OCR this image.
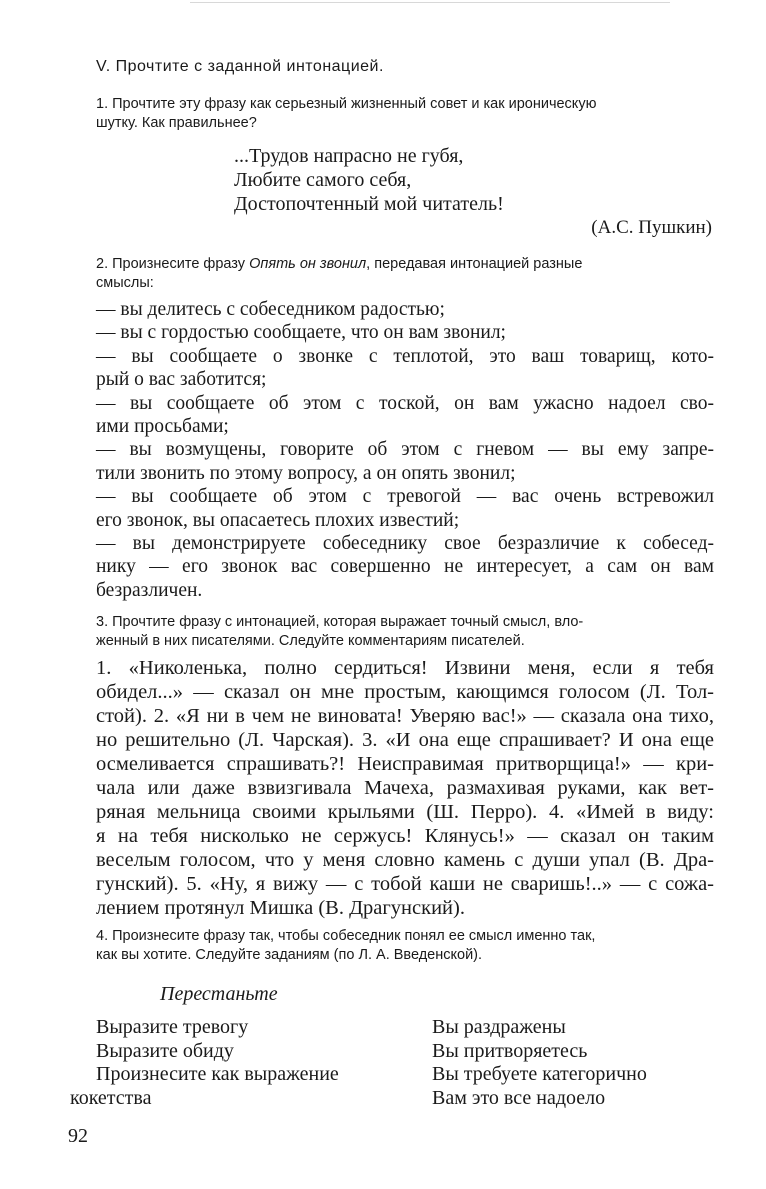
V. Прочтите с заданной интонацией.
1. Прочтите эту фразу как серьезный жизненный совет и как ироническую
шутку. Как правильнее?
...Трудов напрасно не губя,
Любите самого себя,
Достопочтенный мой читатель!
(А.С. Пушкин)
2. Произнесите фразу Опять он звонил, передавая интонацией разные
смыслы:
— вы делитесь с собеседником радостью;
— вы с гордостью сообщаете, что он вам звонил;
— вы сообщаете о звонке с теплотой, это ваш товарищ, кото-
рый о вас заботится;
— вы сообщаете об этом с тоской, он вам ужасно надоел сво-
ими просьбами;
— вы возмущены, говорите об этом с гневом — вы ему запре-
тили звонить по этому вопросу, а он опять звонил;
— вы сообщаете об этом с тревогой — вас очень встревожил
его звонок, вы опасаетесь плохих известий;
— вы демонстрируете собеседнику свое безразличие к собесед-
нику — его звонок вас совершенно не интересует, а сам он вам
безразличен.
3. Прочтите фразу с интонацией, которая выражает точный смысл, вло-
женный в них писателями. Следуйте комментариям писателей.
1. «Николенька, полно сердиться! Извини меня, если я тебя
обидел...» — сказал он мне простым, кающимся голосом (Л. Тол-
стой). 2. «Я ни в чем не виновата! Уверяю вас!» — сказала она тихо,
но решительно (Л. Чарская). 3. «И она еще спрашивает? И она еще
осмеливается спрашивать?! Неисправимая притворщица!» — кри-
чала или даже взвизгивала Мачеха, размахивая руками, как вет-
ряная мельница своими крыльями (Ш. Перро). 4. «Имей в виду:
я на тебя нисколько не сержусь! Клянусь!» — сказал он таким
веселым голосом, что у меня словно камень с души упал (В. Дра-
гунский). 5. «Ну, я вижу — с тобой каши не сваришь!..» — с сожа-
лением протянул Мишка (В. Драгунский).
4. Произнесите фразу так, чтобы собеседник понял ее смысл именно так,
как вы хотите. Следуйте заданиям (по Л. А. Введенской).
Перестаньте
Выразите тревогу
Выразите обиду
Произнесите как выражение
кокетства
Вы раздражены
Вы притворяетесь
Вы требуете категорично
Вам это все надоело
92
